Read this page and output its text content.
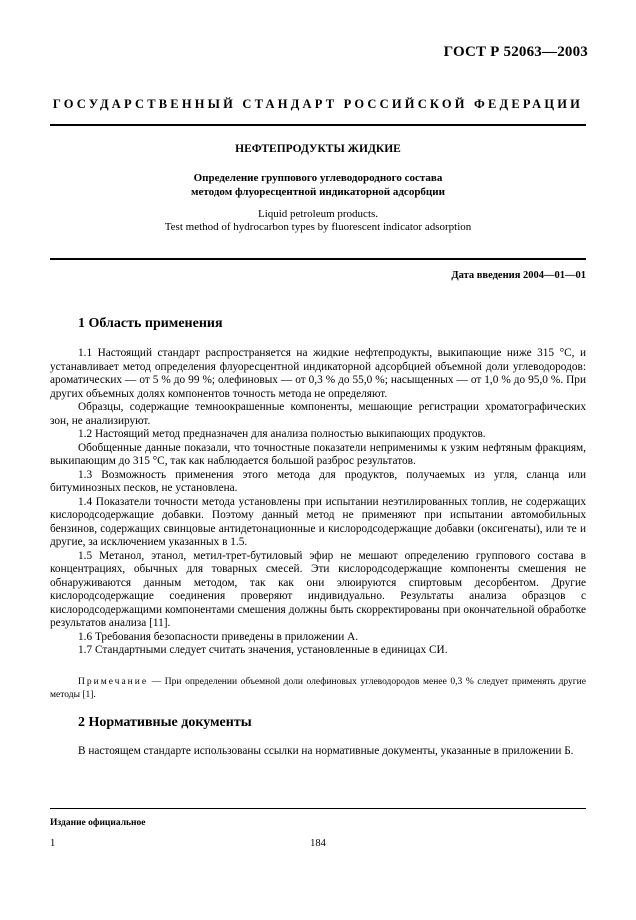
ГОСТ Р 52063—2003
ГОСУДАРСТВЕННЫЙ СТАНДАРТ РОССИЙСКОЙ ФЕДЕРАЦИИ
НЕФТЕПРОДУКТЫ ЖИДКИЕ
Определение группового углеводородного состава
методом флуоресцентной индикаторной адсорбции
Liquid petroleum products.
Test method of hydrocarbon types by fluorescent indicator adsorption
Дата введения 2004—01—01
1 Область применения

1.1 Настоящий стандарт распространяется на жидкие нефтепродукты, выкипающие ниже 315 °С, и устанавливает метод определения флуоресцентной индикаторной адсорбцией объемной доли углеводородов: ароматических — от 5 % до 99 %; олефиновых — от 0,3 % до 55,0 %; насыщенных — от 1,0 % до 95,0 %. При других объемных долях компонентов точность метода не определяют.

Образцы, содержащие темноокрашенные компоненты, мешающие регистрации хроматографических зон, не анализируют.

1.2 Настоящий метод предназначен для анализа полностью выкипающих продуктов.

Обобщенные данные показали, что точностные показатели неприменимы к узким нефтяным фракциям, выкипающим до 315 °С, так как наблюдается большой разброс результатов.

1.3 Возможность применения этого метода для продуктов, получаемых из угля, сланца или битуминозных песков, не установлена.

1.4 Показатели точности метода установлены при испытании неэтилированных топлив, не содержащих кислородсодержащие добавки. Поэтому данный метод не применяют при испытании автомобильных бензинов, содержащих свинцовые антидетонационные и кислородсодержащие добавки (оксигенаты), или те и другие, за исключением указанных в 1.5.

1.5 Метанол, этанол, метил-трет-бутиловый эфир не мешают определению группового состава в концентрациях, обычных для товарных смесей. Эти кислородсодержащие компоненты смешения не обнаруживаются данным методом, так как они элюируются спиртовым десорбентом. Другие кислородсодержащие соединения проверяют индивидуально. Результаты анализа образцов с кислородсодержащими компонентами смешения должны быть скорректированы при окончательной обработке результатов анализа [11].

1.6 Требования безопасности приведены в приложении А.

1.7 Стандартными следует считать значения, установленные в единицах СИ.

Примечание — При определении объемной доли олефиновых углеводородов менее 0,3 % следует применять другие методы [1].
2 Нормативные документы

В настоящем стандарте использованы ссылки на нормативные документы, указанные в приложении Б.

Издание официальное
1	184
